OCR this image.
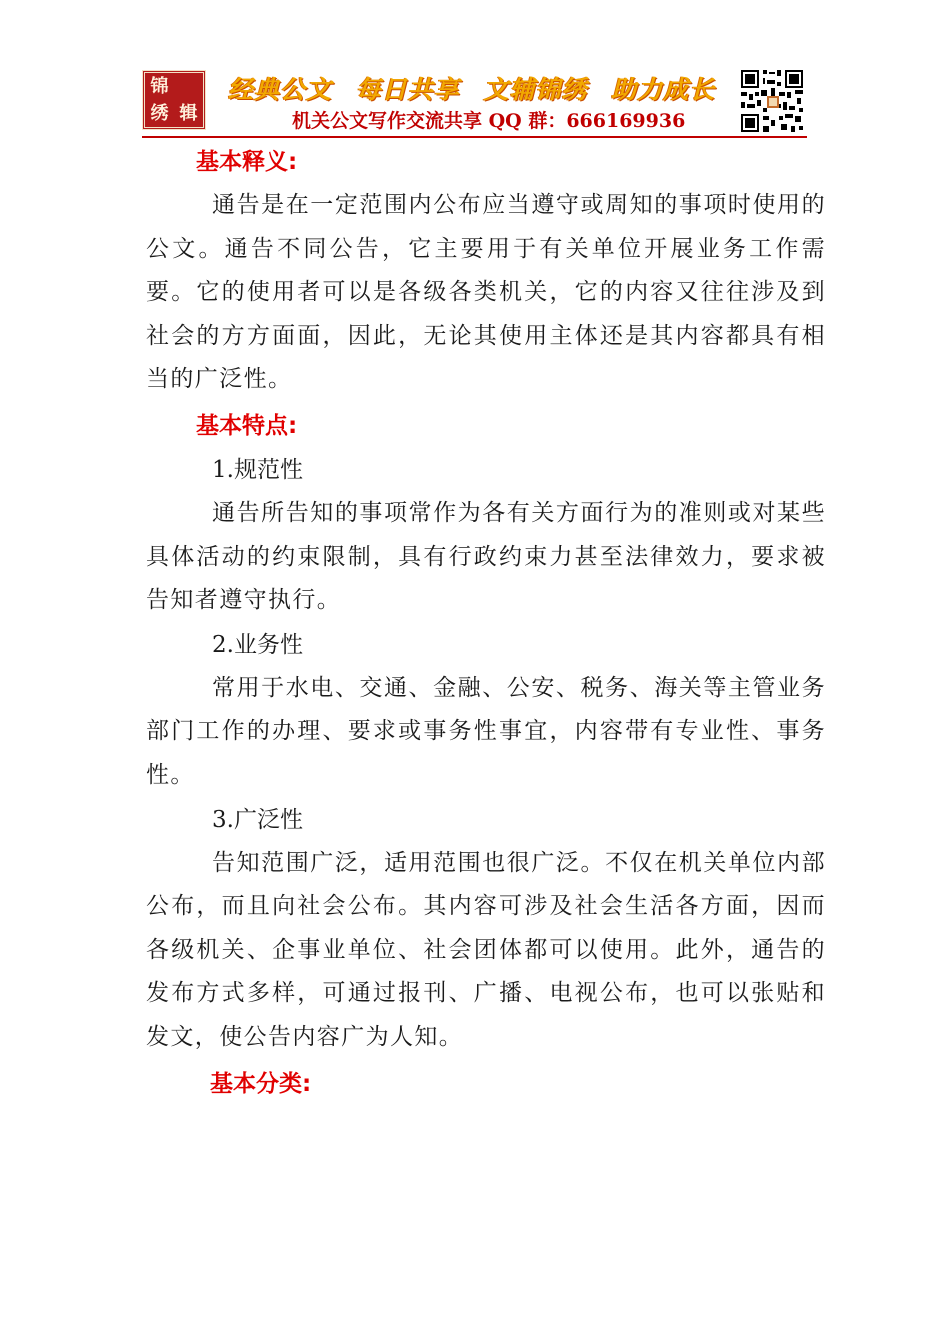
锦
绣 辑
经典公文 每日共享 文辅锦绣 助力成长
机关公文写作交流共享 QQ 群：666169936
基本释义:

通告是在一定范围内公布应当遵守或周知的事项时使用的公文。通告不同公告，它主要用于有关单位开展业务工作需要。它的使用者可以是各级各类机关，它的内容又往往涉及到社会的方方面面，因此，无论其使用主体还是其内容都具有相当的广泛性。

基本特点:

1.规范性

通告所告知的事项常作为各有关方面行为的准则或对某些具体活动的约束限制，具有行政约束力甚至法律效力，要求被告知者遵守执行。

2.业务性

常用于水电、交通、金融、公安、税务、海关等主管业务部门工作的办理、要求或事务性事宜，内容带有专业性、事务性。

3.广泛性

告知范围广泛，适用范围也很广泛。不仅在机关单位内部公布，而且向社会公布。其内容可涉及社会生活各方面，因而各级机关、企事业单位、社会团体都可以使用。此外，通告的发布方式多样，可通过报刊、广播、电视公布，也可以张贴和发文，使公告内容广为人知。

基本分类:
